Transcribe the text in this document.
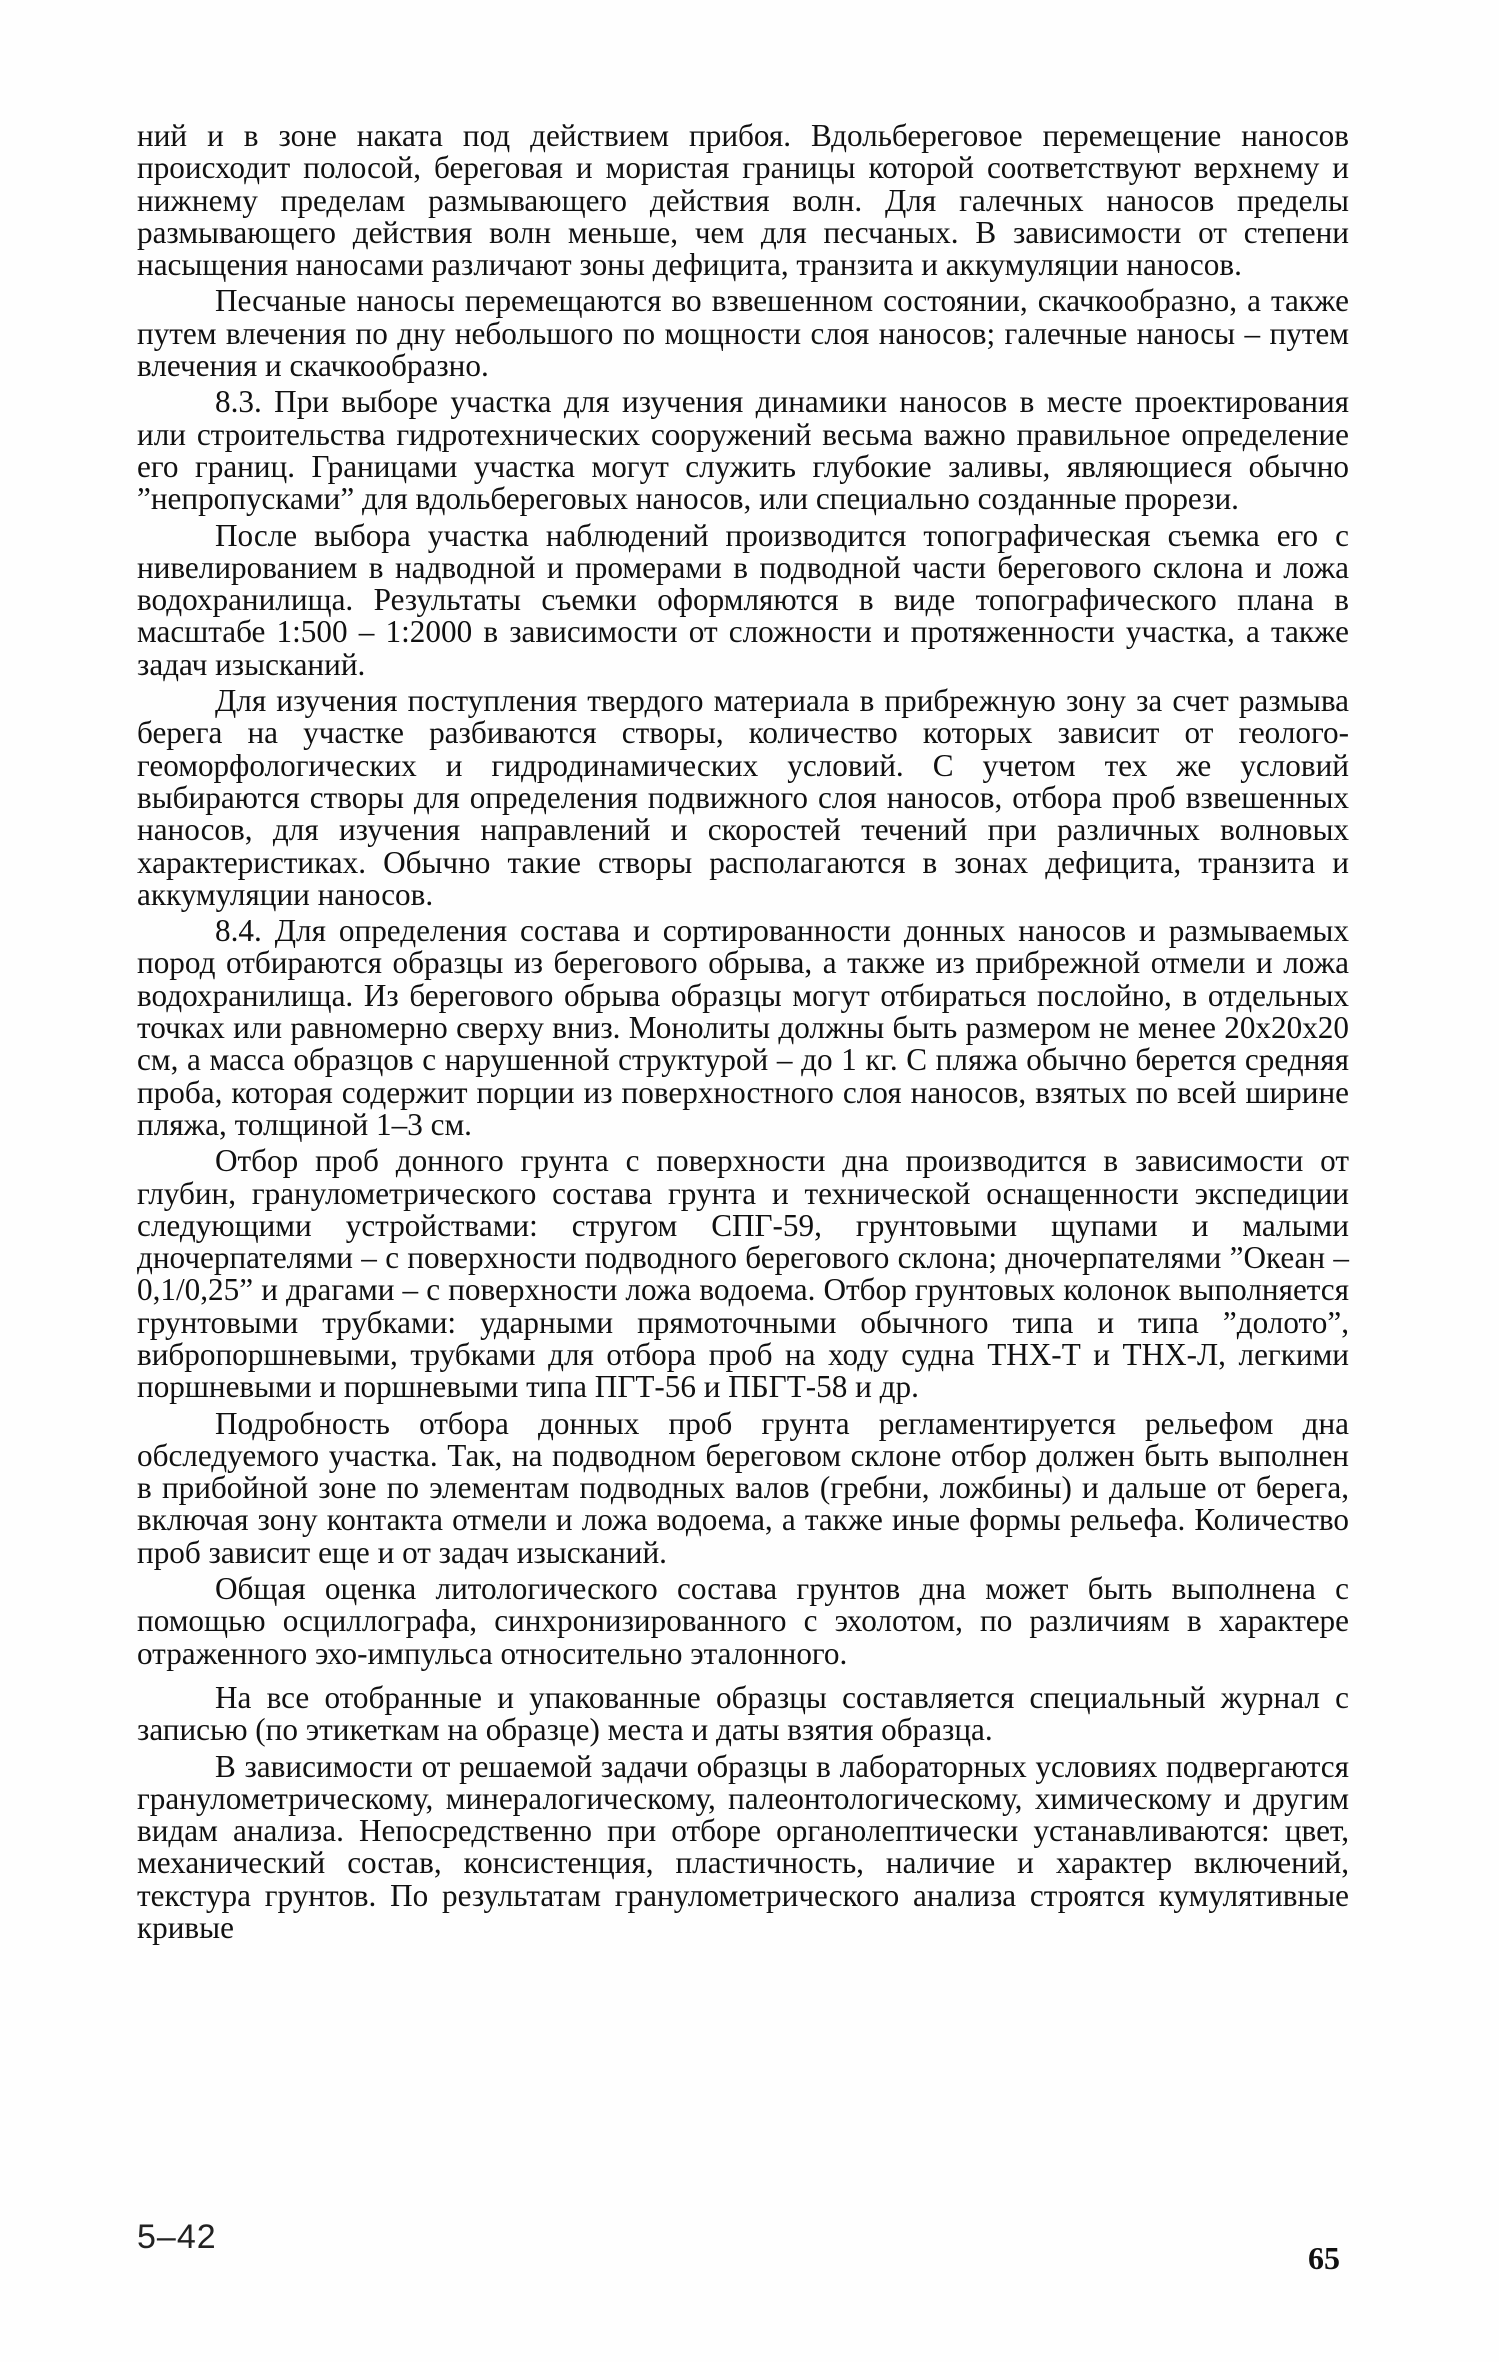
ний и в зоне наката под действием прибоя. Вдольбереговое перемещение наносов происходит полосой, береговая и мористая границы которой соответствуют верхнему и нижнему пределам размывающего действия волн. Для галечных наносов пределы размывающего действия волн меньше, чем для песчаных. В зависимости от степени насыщения наносами различают зоны дефицита, транзита и аккумуляции наносов.

Песчаные наносы перемещаются во взвешенном состоянии, скачкообразно, а также путем влечения по дну небольшого по мощности слоя наносов; галечные наносы – путем влечения и скачкообразно.

8.3. При выборе участка для изучения динамики наносов в месте проектирования или строительства гидротехнических сооружений весьма важно правильное определение его границ. Границами участка могут служить глубокие заливы, являющиеся обычно ”непропусками” для вдольбереговых наносов, или специально созданные прорези.

После выбора участка наблюдений производится топографическая съемка его с нивелированием в надводной и промерами в подводной части берегового склона и ложа водохранилища. Результаты съемки оформляются в виде топографического плана в масштабе 1:500 – 1:2000 в зависимости от сложности и протяженности участка, а также задач изысканий.

Для изучения поступления твердого материала в прибрежную зону за счет размыва берега на участке разбиваются створы, количество которых зависит от геолого-геоморфологических и гидродинамических условий. С учетом тех же условий выбираются створы для определения подвижного слоя наносов, отбора проб взвешенных наносов, для изучения направлений и скоростей течений при различных волновых характеристиках. Обычно такие створы располагаются в зонах дефицита, транзита и аккумуляции наносов.

8.4. Для определения состава и сортированности донных наносов и размываемых пород отбираются образцы из берегового обрыва, а также из прибрежной отмели и ложа водохранилища. Из берегового обрыва образцы могут отбираться послойно, в отдельных точках или равномерно сверху вниз. Монолиты должны быть размером не менее 20x20x20 см, а масса образцов с нарушенной структурой – до 1 кг. С пляжа обычно берется средняя проба, которая содержит порции из поверхностного слоя наносов, взятых по всей ширине пляжа, толщиной 1–3 см.

Отбор проб донного грунта с поверхности дна производится в зависимости от глубин, гранулометрического состава грунта и технической оснащенности экспедиции следующими устройствами: стругом СПГ-59, грунтовыми щупами и малыми дночерпателями – с поверхности подводного берегового склона; дночерпателями ”Океан – 0,1/0,25” и драгами – с поверхности ложа водоема. Отбор грунтовых колонок выполняется грунтовыми трубками: ударными прямоточными обычного типа и типа ”долото”, вибропоршневыми, трубками для отбора проб на ходу судна ТНХ-Т и ТНХ-Л, легкими поршневыми и поршневыми типа ПГТ-56 и ПБГТ-58 и др.

Подробность отбора донных проб грунта регламентируется рельефом дна обследуемого участка. Так, на подводном береговом склоне отбор должен быть выполнен в прибойной зоне по элементам подводных валов (гребни, ложбины) и дальше от берега, включая зону контакта отмели и ложа водоема, а также иные формы рельефа. Количество проб зависит еще и от задач изысканий.

Общая оценка литологического состава грунтов дна может быть выполнена с помощью осциллографа, синхронизированного с эхолотом, по различиям в характере отраженного эхо-импульса относительно эталонного.

На все отобранные и упакованные образцы составляется специальный журнал с записью (по этикеткам на образце) места и даты взятия образца.

В зависимости от решаемой задачи образцы в лабораторных условиях подвергаются гранулометрическому, минералогическому, палеонтологическому, химическому и другим видам анализа. Непосредственно при отборе органолептически устанавливаются: цвет, механический состав, консистенция, пластичность, наличие и характер включений, текстура грунтов. По результатам гранулометрического анализа строятся кумулятивные кривые

5–42
65
